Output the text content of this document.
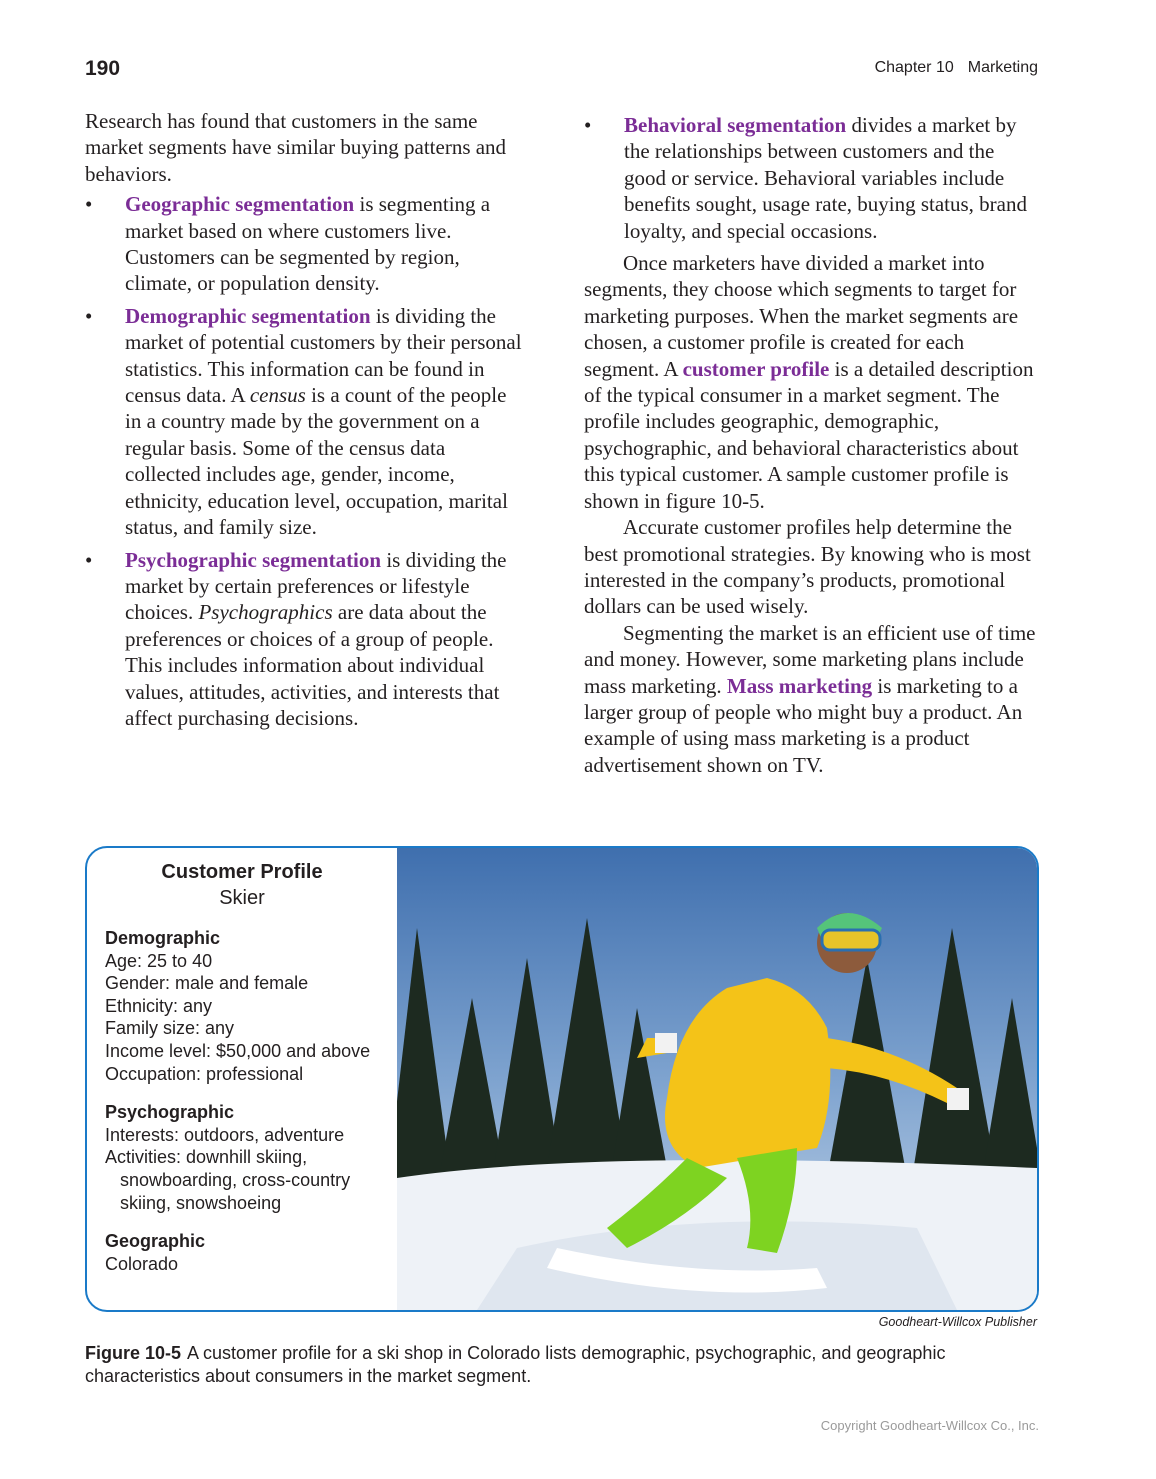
190	Chapter 10 Marketing

Research has found that customers in the same market segments have similar buying patterns and behaviors.

• Geographic segmentation is segmenting a market based on where customers live. Customers can be segmented by region, climate, or population density.

• Demographic segmentation is dividing the market of potential customers by their personal statistics. This information can be found in census data. A census is a count of the people in a country made by the government on a regular basis. Some of the census data collected includes age, gender, income, ethnicity, education level, occupation, marital status, and family size.

• Psychographic segmentation is dividing the market by certain preferences or lifestyle choices. Psychographics are data about the preferences or choices of a group of people. This includes information about individual values, attitudes, activities, and interests that affect purchasing decisions.

• Behavioral segmentation divides a market by the relationships between customers and the good or service. Behavioral variables include benefits sought, usage rate, buying status, brand loyalty, and special occasions.

Once marketers have divided a market into segments, they choose which segments to target for marketing purposes. When the market segments are chosen, a customer profile is created for each segment. A customer profile is a detailed description of the typical consumer in a market segment. The profile includes geographic, demographic, psychographic, and behavioral characteristics about this typical customer. A sample customer profile is shown in figure 10-5.

Accurate customer profiles help determine the best promotional strategies. By knowing who is most interested in the company’s products, promotional dollars can be used wisely.

Segmenting the market is an efficient use of time and money. However, some marketing plans include mass marketing. Mass marketing is marketing to a larger group of people who might buy a product. An example of using mass marketing is a product advertisement shown on TV.

Customer Profile
Skier
Demographic
Age: 25 to 40
Gender: male and female
Ethnicity: any
Family size: any
Income level: $50,000 and above
Occupation: professional
Psychographic
Interests: outdoors, adventure
Activities: downhill skiing,
snowboarding, cross-country
skiing, snowshoeing
Geographic
Colorado
Goodheart-Willcox Publisher
Figure 10-5 A customer profile for a ski shop in Colorado lists demographic, psychographic, and geographic characteristics about consumers in the market segment.
Copyright Goodheart-Willcox Co., Inc.
